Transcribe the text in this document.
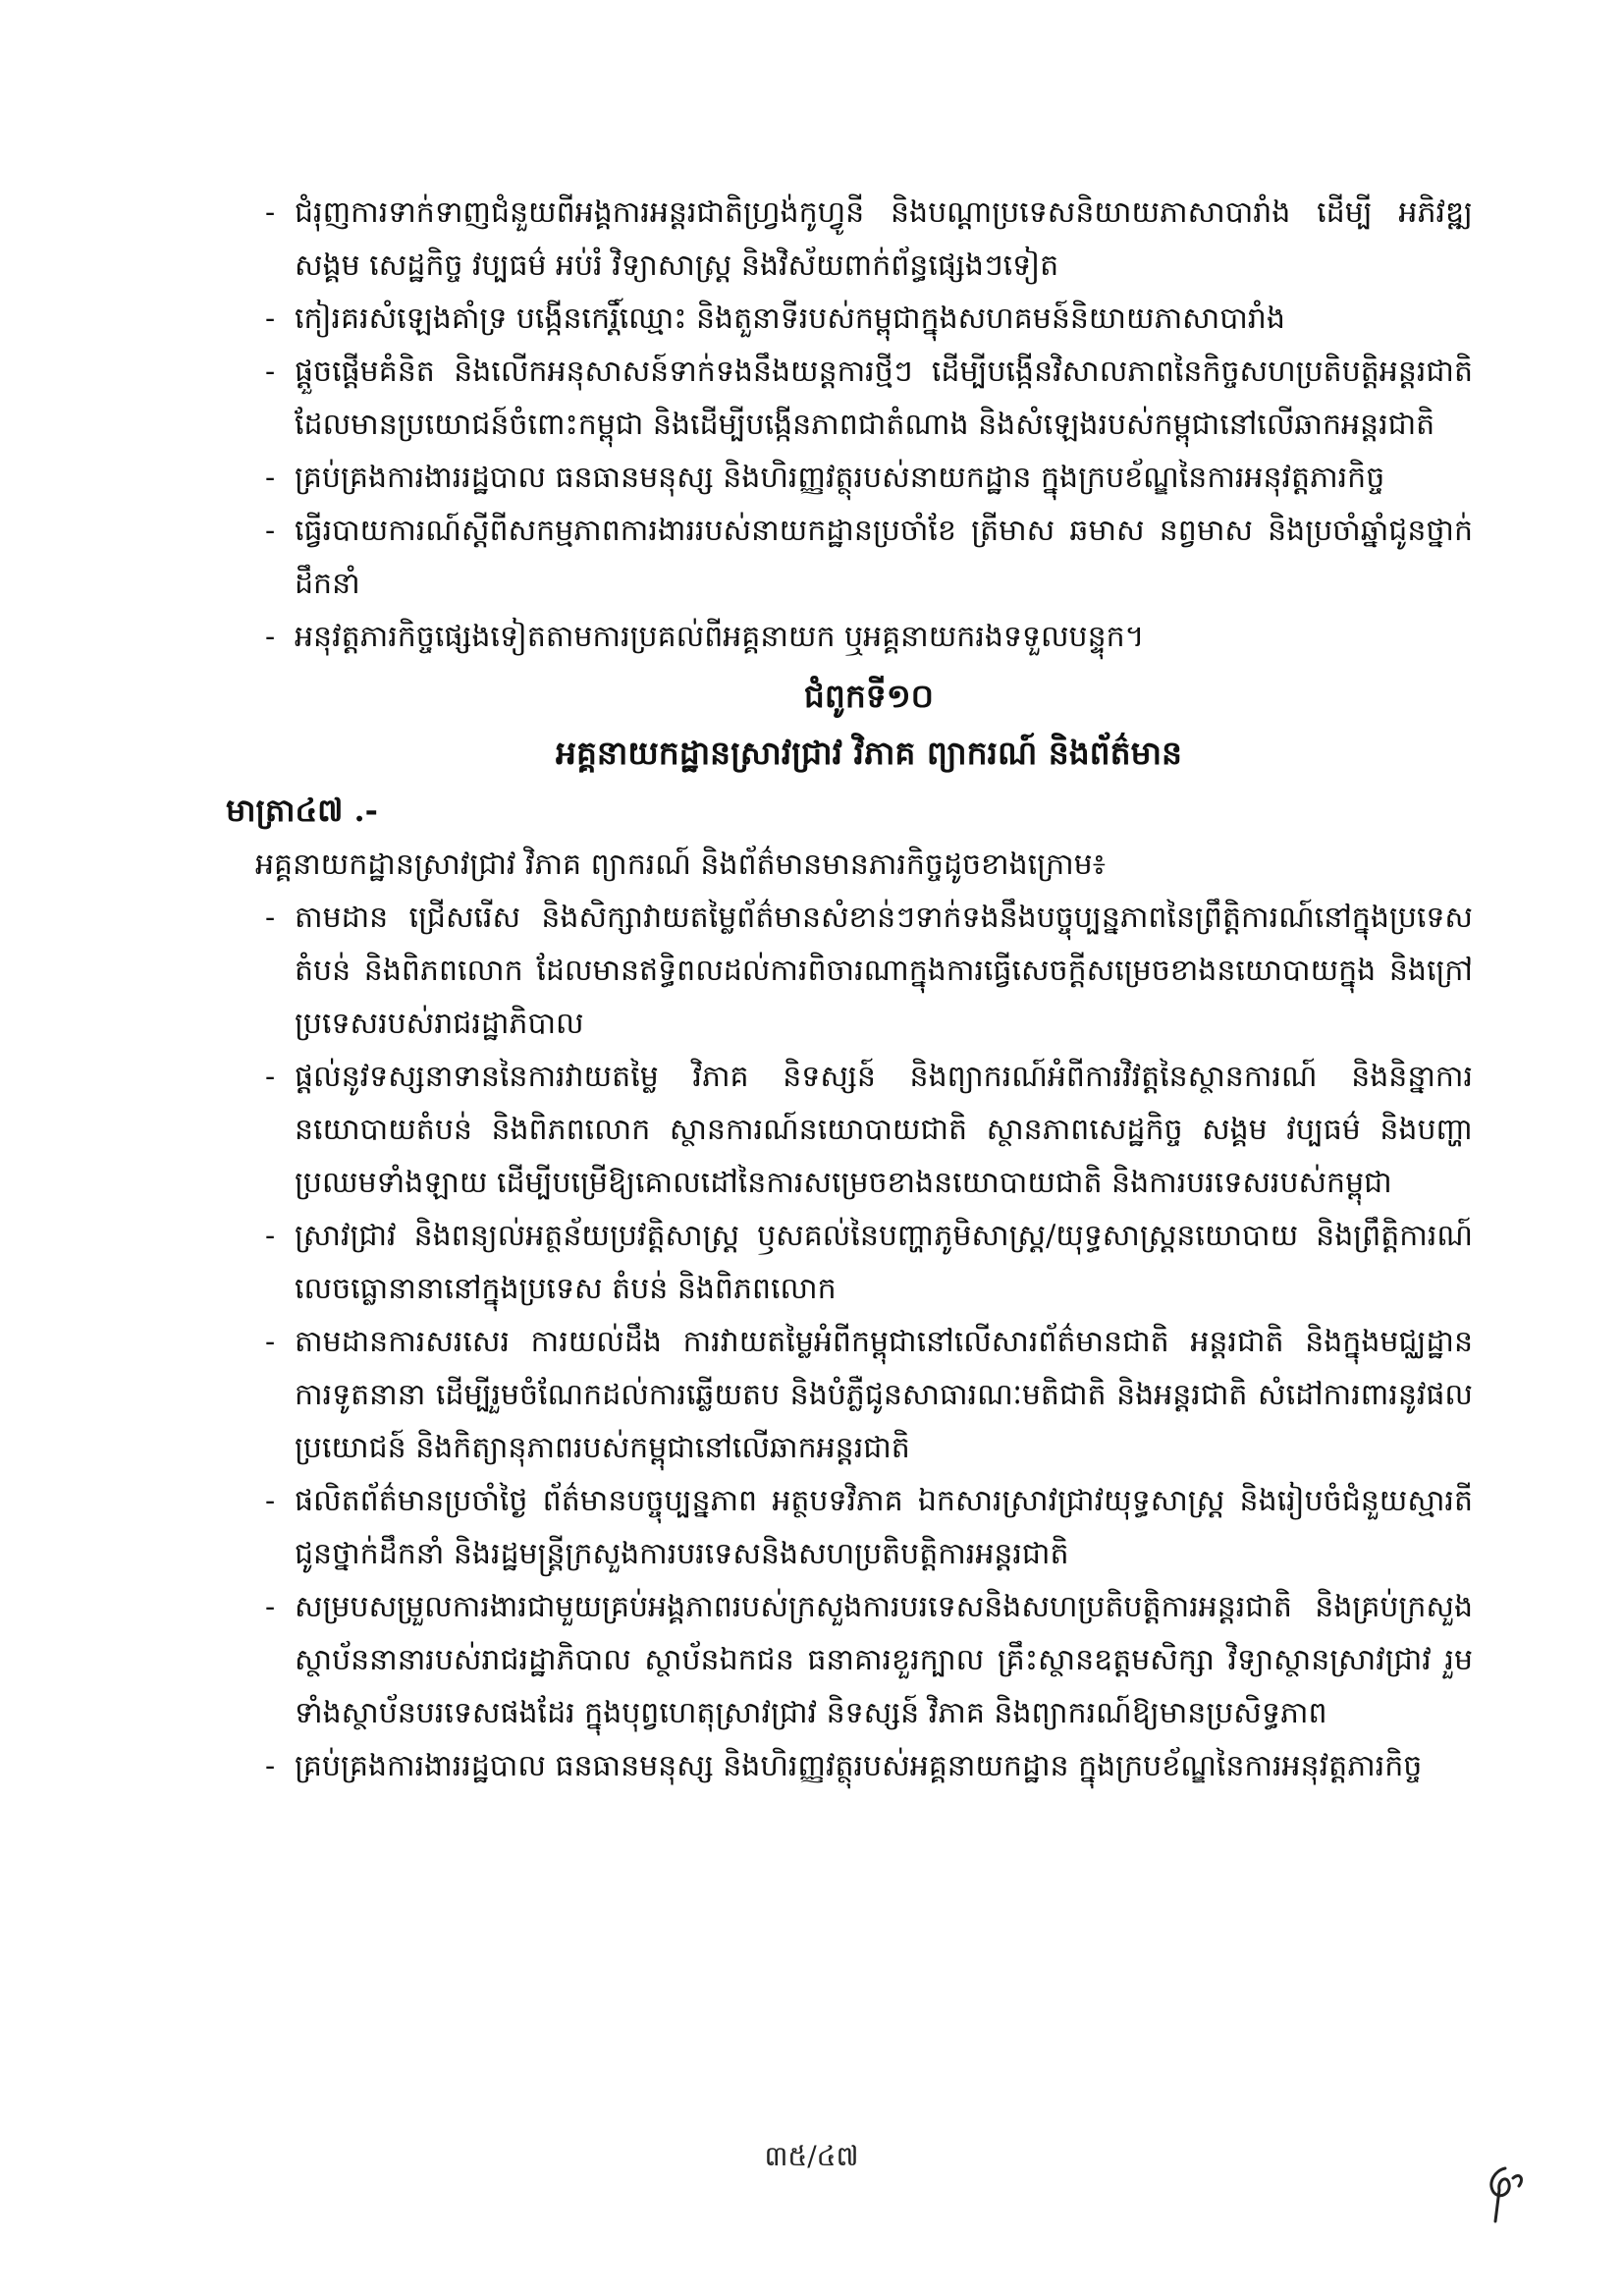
- ជំរុញការទាក់ទាញជំនួយពីអង្គការអន្តរជាតិហ្វ្រង់កូហ្វូនី និងបណ្ដាប្រទេសនិយាយភាសាបារាំង ដើម្បី អភិវឌ្ឍសង្គម សេដ្ឋកិច្ច វប្បធម៌ អប់រំ វិទ្យាសាស្ត្រ និងវិស័យពាក់ព័ន្ធផ្សេងៗទៀត
- កៀរគរសំឡេងគាំទ្រ បង្កើនកេរ្តិ៍ឈ្មោះ និងតួនាទីរបស់កម្ពុជាក្នុងសហគមន៍និយាយភាសាបារាំង
- ផ្ដួចផ្ដើមគំនិត និងលើកអនុសាសន៍ទាក់ទងនឹងយន្តការថ្មីៗ ដើម្បីបង្កើនវិសាលភាពនៃកិច្ចសហប្រតិបត្តិអន្តរជាតិ ដែលមានប្រយោជន៍ចំពោះកម្ពុជា និងដើម្បីបង្កើនភាពជាតំណាង និងសំឡេងរបស់កម្ពុជានៅលើឆាកអន្តរជាតិ
- គ្រប់គ្រងការងាររដ្ឋបាល ធនធានមនុស្ស និងហិរញ្ញវត្ថុរបស់នាយកដ្ឋាន ក្នុងក្របខ័ណ្ឌនៃការអនុវត្តភារកិច្ច
- ធ្វើរបាយការណ៍ស្តីពីសកម្មភាពការងាររបស់នាយកដ្ឋានប្រចាំខែ ត្រីមាស ឆមាស នព្វមាស និងប្រចាំឆ្នាំជូនថ្នាក់ដឹកនាំ
- អនុវត្តភារកិច្ចផ្សេងទៀតតាមការប្រគល់ពីអគ្គនាយក ឬអគ្គនាយករងទទួលបន្ទុក។
ជំពូកទី១០
អគ្គនាយកដ្ឋានស្រាវជ្រាវ វិភាគ ព្យាករណ៍ និងព័ត៌មាន
មាត្រា៤៧ .-
អគ្គនាយកដ្ឋានស្រាវជ្រាវ វិភាគ ព្យាករណ៍ និងព័ត៌មានមានភារកិច្ចដូចខាងក្រោម៖
- តាមដាន ជ្រើសរើស និងសិក្សាវាយតម្លៃព័ត៌មានសំខាន់ៗទាក់ទងនឹងបច្ចុប្បន្នភាពនៃព្រឹត្តិការណ៍នៅក្នុងប្រទេស តំបន់ និងពិភពលោក ដែលមានឥទ្ធិពលដល់ការពិចារណាក្នុងការធ្វើសេចក្ដីសម្រេចខាងនយោបាយក្នុង និងក្រៅប្រទេសរបស់រាជរដ្ឋាភិបាល
- ផ្ដល់នូវទស្សនាទាននៃការវាយតម្លៃ វិភាគ និទស្សន៍ និងព្យាករណ៍អំពីការវិវត្តនៃស្ថានការណ៍ និងនិន្នាការនយោបាយតំបន់ និងពិភពលោក ស្ថានការណ៍នយោបាយជាតិ ស្ថានភាពសេដ្ឋកិច្ច សង្គម វប្បធម៌ និងបញ្ហាប្រឈមទាំងឡាយ ដើម្បីបម្រើឱ្យគោលដៅនៃការសម្រេចខាងនយោបាយជាតិ និងការបរទេសរបស់កម្ពុជា
- ស្រាវជ្រាវ និងពន្យល់អត្ថន័យប្រវត្តិសាស្ត្រ ឫសគល់នៃបញ្ហាភូមិសាស្ត្រ/យុទ្ធសាស្ត្រនយោបាយ និងព្រឹត្តិការណ៍លេចធ្លោនានានៅក្នុងប្រទេស តំបន់ និងពិភពលោក
- តាមដានការសរសេរ ការយល់ដឹង ការវាយតម្លៃអំពីកម្ពុជានៅលើសារព័ត៌មានជាតិ អន្តរជាតិ និងក្នុងមជ្ឈដ្ឋានការទូតនានា ដើម្បីរួមចំណែកដល់ការឆ្លើយតប និងបំភ្លឺជូនសាធារណៈមតិជាតិ និងអន្តរជាតិ សំដៅការពារនូវផលប្រយោជន៍ និងកិត្យានុភាពរបស់កម្ពុជានៅលើឆាកអន្តរជាតិ
- ផលិតព័ត៌មានប្រចាំថ្ងៃ ព័ត៌មានបច្ចុប្បន្នភាព អត្ថបទវិភាគ ឯកសារស្រាវជ្រាវយុទ្ធសាស្ត្រ និងរៀបចំជំនួយស្មារតី ជូនថ្នាក់ដឹកនាំ និងរដ្ឋមន្ត្រីក្រសួងការបរទេសនិងសហប្រតិបត្តិការអន្តរជាតិ
- សម្របសម្រួលការងារជាមួយគ្រប់អង្គភាពរបស់ក្រសួងការបរទេសនិងសហប្រតិបត្តិការអន្តរជាតិ និងគ្រប់ក្រសួង ស្ថាប័ននានារបស់រាជរដ្ឋាភិបាល ស្ថាប័នឯកជន ធនាគារខួរក្បាល គ្រឹះស្ថានឧត្តមសិក្សា វិទ្យាស្ថានស្រាវជ្រាវ រួមទាំងស្ថាប័នបរទេសផងដែរ ក្នុងបុព្វហេតុស្រាវជ្រាវ និទស្សន៍ វិភាគ និងព្យាករណ៍ឱ្យមានប្រសិទ្ធភាព
- គ្រប់គ្រងការងាររដ្ឋបាល ធនធានមនុស្ស និងហិរញ្ញវត្ថុរបស់អគ្គនាយកដ្ឋាន ក្នុងក្របខ័ណ្ឌនៃការអនុវត្តភារកិច្ច
៣៥/៤៧
